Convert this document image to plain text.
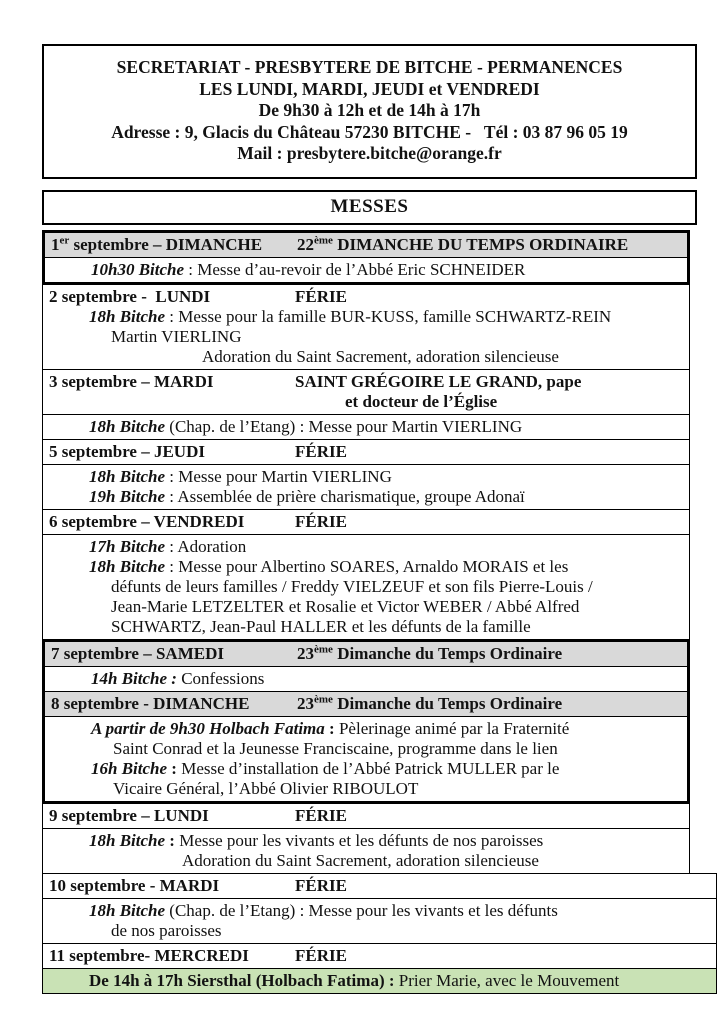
SECRETARIAT - PRESBYTERE DE BITCHE - PERMANENCES
LES LUNDI, MARDI, JEUDI et VENDREDI
De 9h30 à 12h et de 14h à 17h
Adresse : 9, Glacis du Château 57230 BITCHE -   Tél : 03 87 96 05 19
Mail : presbytere.bitche@orange.fr
MESSES
1er septembre – DIMANCHE	22ème DIMANCHE DU TEMPS ORDINAIRE
10h30 Bitche : Messe d’au-revoir de l’Abbé Eric SCHNEIDER
2 septembre -  LUNDI	FÉRIE
18h Bitche : Messe pour la famille BUR-KUSS, famille SCHWARTZ-REIN
Martin VIERLING
Adoration du Saint Sacrement, adoration silencieuse
3 septembre – MARDI	SAINT GRÉGOIRE LE GRAND, pape
et docteur de l’Église
18h Bitche (Chap. de l’Etang) : Messe pour Martin VIERLING
5 septembre – JEUDI	FÉRIE
18h Bitche : Messe pour Martin VIERLING
19h Bitche : Assemblée de prière charismatique, groupe Adonaï
6 septembre – VENDREDI	FÉRIE
17h Bitche : Adoration
18h Bitche : Messe pour Albertino SOARES, Arnaldo MORAIS et les
défunts de leurs familles / Freddy VIELZEUF et son fils Pierre-Louis /
Jean-Marie LETZELTER et Rosalie et Victor WEBER / Abbé Alfred
SCHWARTZ, Jean-Paul HALLER et les défunts de la famille
7 septembre – SAMEDI	23ème Dimanche du Temps Ordinaire
14h Bitche : Confessions
8 septembre - DIMANCHE	23ème Dimanche du Temps Ordinaire
A partir de 9h30 Holbach Fatima : Pèlerinage animé par la Fraternité
Saint Conrad et la Jeunesse Franciscaine, programme dans le lien
16h Bitche : Messe d’installation de l’Abbé Patrick MULLER par le
Vicaire Général, l’Abbé Olivier RIBOULOT
9 septembre – LUNDI	FÉRIE
18h Bitche : Messe pour les vivants et les défunts de nos paroisses
Adoration du Saint Sacrement, adoration silencieuse
10 septembre - MARDI	FÉRIE
18h Bitche (Chap. de l’Etang) : Messe pour les vivants et les défunts
de nos paroisses
11 septembre- MERCREDI	FÉRIE
De 14h à 17h Siersthal (Holbach Fatima) : Prier Marie, avec le Mouvement
